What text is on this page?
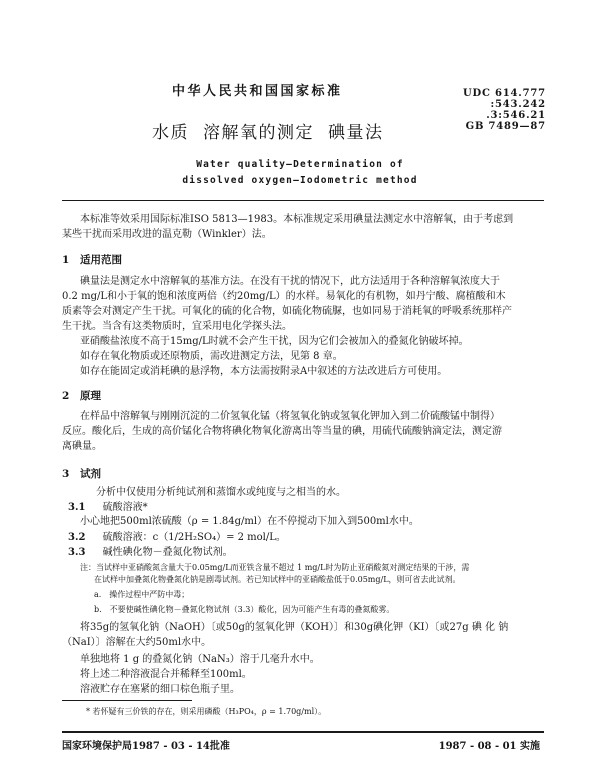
中华人民共和国国家标准	UDC 614.777
:543.242
.3:546.21
GB 7489—87
水质 溶解氧的测定 碘量法
Water quality—Determination of
dissolved oxygen—Iodometric method
本标准等效采用国际标准ISO 5813—1983。本标准规定采用碘量法测定水中溶解氧，由于考虑到
某些干扰而采用改进的温克勒（Winkler）法。
1 适用范围
碘量法是测定水中溶解氧的基准方法。在没有干扰的情况下，此方法适用于各种溶解氧浓度大于
0.2 mg/L和小于氧的饱和浓度两倍（约20mg/L）的水样。易氧化的有机物，如丹宁酸、腐植酸和木
质素等会对测定产生干扰。可氧化的硫的化合物，如硫化物硫脲，也如同易于消耗氧的呼吸系统那样产
生干扰。当含有这类物质时，宜采用电化学探头法。
亚硝酸盐浓度不高于15mg/L时就不会产生干扰，因为它们会被加入的叠氮化钠破坏掉。
如存在氧化物质或还原物质，需改进测定方法，见第 8 章。
如存在能固定或消耗碘的悬浮物，本方法需按附录A中叙述的方法改进后方可使用。
2 原理
在样品中溶解氧与刚刚沉淀的二价氢氧化锰（将氢氧化钠或氢氧化钾加入到二价硫酸锰中制得）
反应。酸化后，生成的高价锰化合物将碘化物氧化游离出等当量的碘，用硫代硫酸钠滴定法，测定游
离碘量。
3 试剂
分析中仅使用分析纯试剂和蒸馏水或纯度与之相当的水。
3.1 硫酸溶液*
小心地把500ml浓硫酸（ρ = 1.84g/ml）在不停搅动下加入到500ml水中。
3.2 硫酸溶液：c（1/2H₂SO₄）= 2 mol/L。
3.3 碱性碘化物－叠氮化物试剂。
注：当试样中亚硝酸氮含量大于0.05mg/L而亚铁含量不超过 1 mg/L时为防止亚硝酸氮对测定结果的干涉，需
在试样中加叠氮化物叠氮化钠是剧毒试剂。若已知试样中的亚硝酸盐低于0.05mg/L，则可省去此试剂。
a.　操作过程中严防中毒；
b.　不要使碱性碘化物－叠氮化物试剂（3.3）酸化，因为可能产生有毒的叠氮酸雾。
将35g的氢氧化钠（NaOH）〔或50g的氢氧化钾（KOH）〕和30g碘化钾（KI）〔或27g 碘 化 钠
（NaI）〕溶解在大约50ml水中。
单独地将 1 g 的叠氮化钠（NaN₃）溶于几毫升水中。
将上述二种溶液混合并稀释至100ml。
溶液贮存在塞紧的细口棕色瓶子里。
* 若怀疑有三价铁的存在，则采用磷酸（H₃PO₄，ρ = 1.70g/ml）。
国家环境保护局1987 - 03 - 14批准	1987 - 08 - 01 实施
